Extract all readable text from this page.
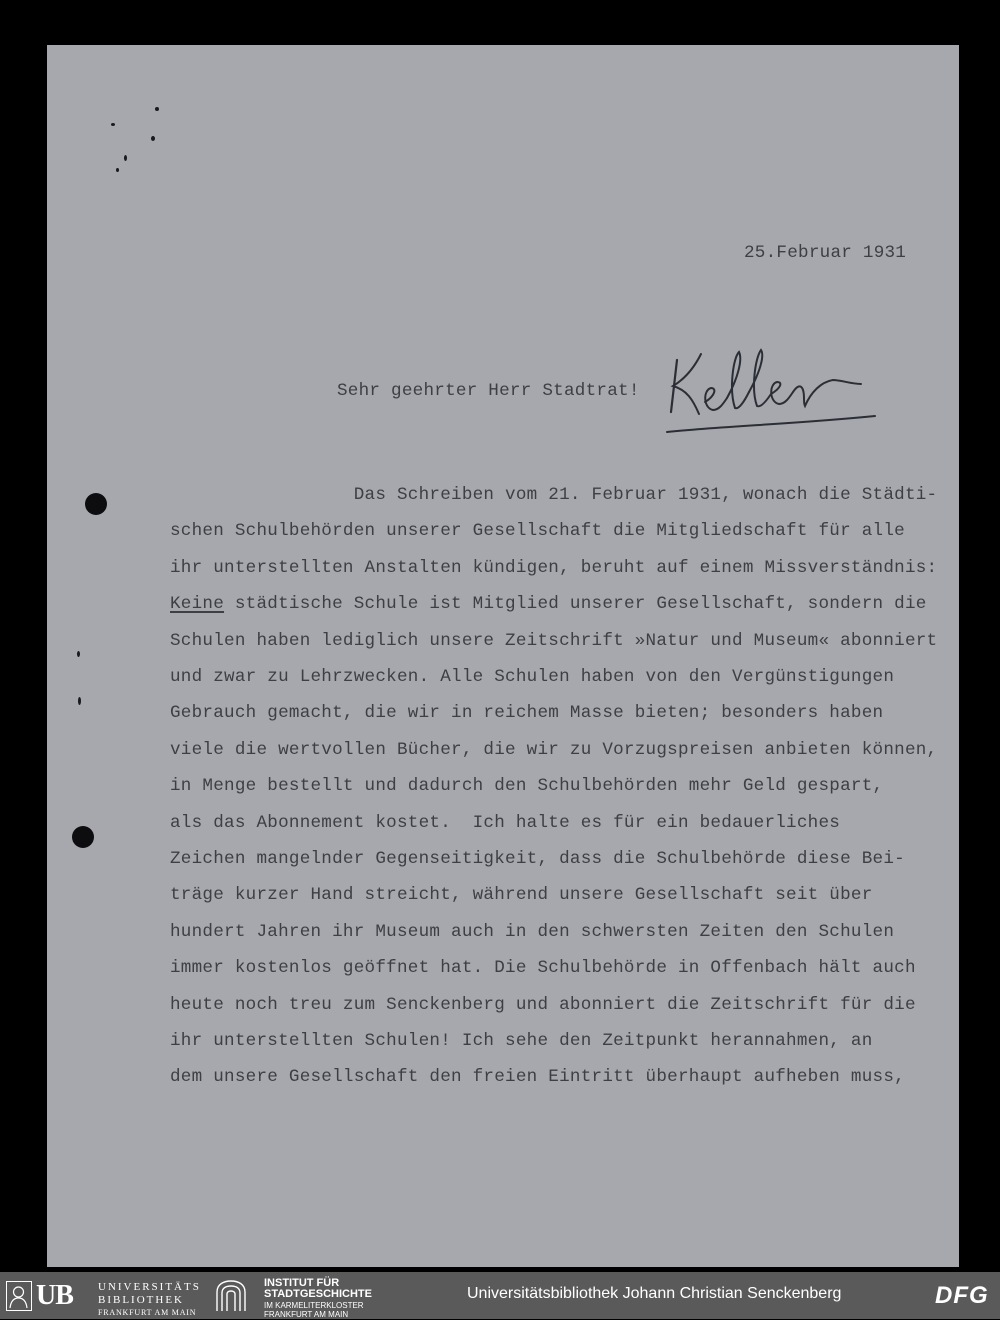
25.Februar 1931
Sehr geehrter Herr Stadtrat!
Das Schreiben vom 21. Februar 1931, wonach die Städti-
schen Schulbehörden unserer Gesellschaft die Mitgliedschaft für alle
ihr unterstellten Anstalten kündigen, beruht auf einem Missverständnis:
Keine städtische Schule ist Mitglied unserer Gesellschaft, sondern die
Schulen haben lediglich unsere Zeitschrift »Natur und Museum« abonniert
und zwar zu Lehrzwecken. Alle Schulen haben von den Vergünstigungen
Gebrauch gemacht, die wir in reichem Masse bieten; besonders haben
viele die wertvollen Bücher, die wir zu Vorzugspreisen anbieten können,
in Menge bestellt und dadurch den Schulbehörden mehr Geld gespart,
als das Abonnement kostet.  Ich halte es für ein bedauerliches
Zeichen mangelnder Gegenseitigkeit, dass die Schulbehörde diese Bei-
träge kurzer Hand streicht, während unsere Gesellschaft seit über
hundert Jahren ihr Museum auch in den schwersten Zeiten den Schulen
immer kostenlos geöffnet hat. Die Schulbehörde in Offenbach hält auch
heute noch treu zum Senckenberg und abonniert die Zeitschrift für die
ihr unterstellten Schulen! Ich sehe den Zeitpunkt herannahmen, an
dem unsere Gesellschaft den freien Eintritt überhaupt aufheben muss,
UB UNIVERSITÄTS
BIBLIOTHEK
FRANKFURT AM MAIN
INSTITUT FÜR
STADTGESCHICHTE
IM KARMELITERKLOSTER
FRANKFURT AM MAIN
Universitätsbibliothek Johann Christian Senckenberg	DFG
